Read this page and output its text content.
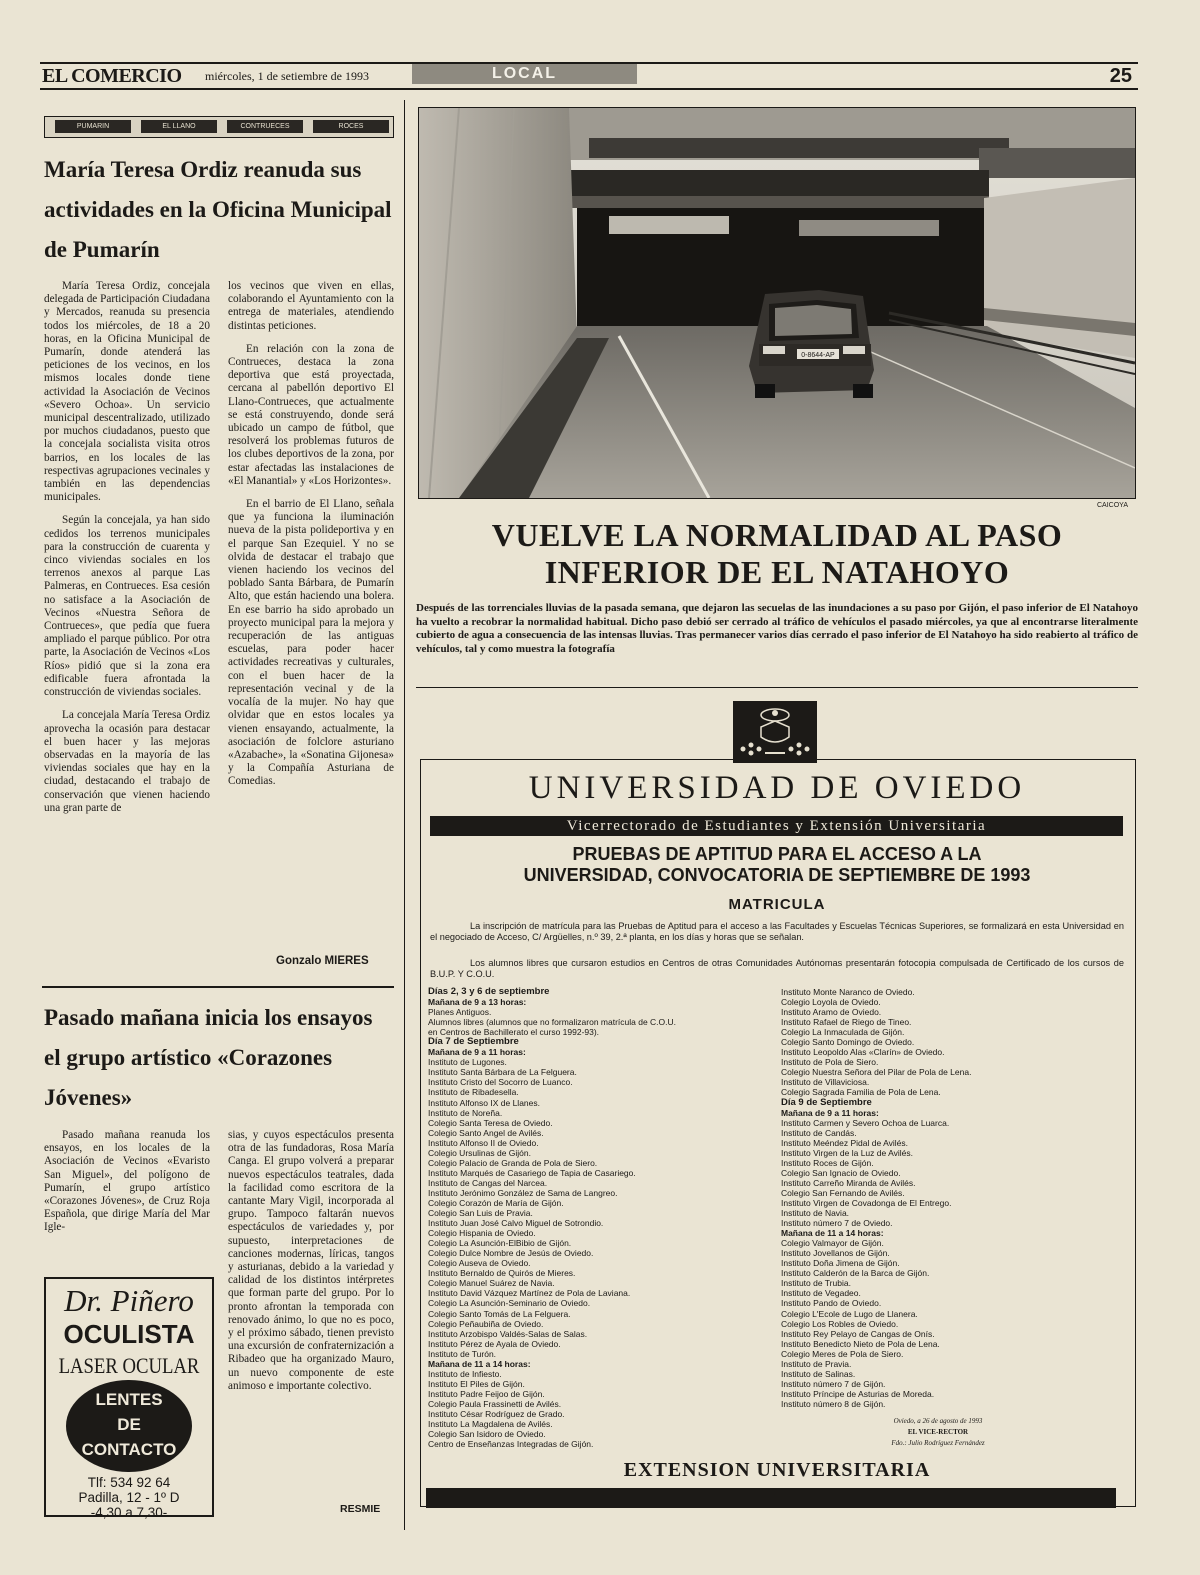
EL COMERCIO miércoles, 1 de setiembre de 1993	LOCAL	25
PUMARIN	EL LLANO	CONTRUECES	ROCES
María Teresa Ordiz reanuda sus actividades en la Oficina Municipal de Pumarín

María Teresa Ordiz, concejala delegada de Participación Ciudadana y Mercados, reanuda su presencia todos los miércoles, de 18 a 20 horas, en la Oficina Municipal de Pumarín, donde atenderá las peticiones de los vecinos, en los mismos locales donde tiene actividad la Asociación de Vecinos «Severo Ochoa». Un servicio municipal descentralizado, utilizado por muchos ciudadanos, puesto que la concejala socialista visita otros barrios, en los locales de las respectivas agrupaciones vecinales y también en las dependencias municipales.

Según la concejala, ya han sido cedidos los terrenos municipales para la construcción de cuarenta y cinco viviendas sociales en los terrenos anexos al parque Las Palmeras, en Contrueces. Esa cesión no satisface a la Asociación de Vecinos «Nuestra Señora de Contrueces», que pedía que fuera ampliado el parque público. Por otra parte, la Asociación de Vecinos «Los Ríos» pidió que si la zona era edificable fuera afrontada la construcción de viviendas sociales.

La concejala María Teresa Ordiz aprovecha la ocasión para destacar el buen hacer y las mejoras observadas en la mayoría de las viviendas sociales que hay en la ciudad, destacando el trabajo de conservación que vienen haciendo una gran parte de

los vecinos que viven en ellas, colaborando el Ayuntamiento con la entrega de materiales, atendiendo distintas peticiones.

En relación con la zona de Contrueces, destaca la zona deportiva que está proyectada, cercana al pabellón deportivo El Llano-Contrueces, que actualmente se está construyendo, donde será ubicado un campo de fútbol, que resolverá los problemas futuros de los clubes deportivos de la zona, por estar afectadas las instalaciones de «El Manantial» y «Los Horizontes».

En el barrio de El Llano, señala que ya funciona la iluminación nueva de la pista polideportiva y en el parque San Ezequiel. Y no se olvida de destacar el trabajo que vienen haciendo los vecinos del poblado Santa Bárbara, de Pumarín Alto, que están haciendo una bolera. En ese barrio ha sido aprobado un proyecto municipal para la mejora y recuperación de las antiguas escuelas, para poder hacer actividades recreativas y culturales, con el buen hacer de la representación vecinal y de la vocalía de la mujer. No hay que olvidar que en estos locales ya vienen ensayando, actualmente, la asociación de folclore asturiano «Azabache», la «Sonatina Gijonesa» y la Compañía Asturiana de Comedias.

Gonzalo MIERES
Pasado mañana inicia los ensayos el grupo artístico «Corazones Jóvenes»

Pasado mañana reanuda los ensayos, en los locales de la Asociación de Vecinos «Evaristo San Miguel», del polígono de Pumarín, el grupo artístico «Corazones Jóvenes», de Cruz Roja Española, que dirige María del Mar Igle-

sias, y cuyos espectáculos presenta otra de las fundadoras, Rosa María Canga. El grupo volverá a preparar nuevos espectáculos teatrales, dada la facilidad como escritora de la cantante Mary Vigil, incorporada al grupo. Tampoco faltarán nuevos espectáculos de variedades y, por supuesto, interpretaciones de canciones modernas, líricas, tangos y asturianas, debido a la variedad y calidad de los distintos intérpretes que forman parte del grupo. Por lo pronto afrontan la temporada con renovado ánimo, lo que no es poco, y el próximo sábado, tienen previsto una excursión de confraternización a Ribadeo que ha organizado Mauro, un nuevo componente de este animoso e importante colectivo.

RESMIE
Dr. Piñero
OCULISTA
LASER OCULAR
LENTES
DE
CONTACTO
Tlf: 534 92 64
Padilla, 12 - 1º D
-4,30 a 7,30-
0-8644-AP
CAICOYA
VUELVE LA NORMALIDAD AL PASO INFERIOR DE EL NATAHOYO
Después de las torrenciales lluvias de la pasada semana, que dejaron las secuelas de las inundaciones a su paso por Gijón, el paso inferior de El Natahoyo ha vuelto a recobrar la normalidad habitual. Dicho paso debió ser cerrado al tráfico de vehículos el pasado miércoles, ya que al encontrarse literalmente cubierto de agua a consecuencia de las intensas lluvias. Tras permanecer varios días cerrado el paso inferior de El Natahoyo ha sido reabierto al tráfico de vehículos, tal y como muestra la fotografía
UNIVERSIDAD DE OVIEDO
Vicerrectorado de Estudiantes y Extensión Universitaria
PRUEBAS DE APTITUD PARA EL ACCESO A LA
UNIVERSIDAD, CONVOCATORIA DE SEPTIEMBRE DE 1993
MATRICULA
La inscripción de matrícula para las Pruebas de Aptitud para el acceso a las Facultades y Escuelas Técnicas Superiores, se formalizará en esta Universidad en el negociado de Acceso, C/ Argüelles, n.º 39, 2.ª planta, en los días y horas que se señalan.
Los alumnos libres que cursaron estudios en Centros de otras Comunidades Autónomas presentarán fotocopia compulsada de Certificado de los cursos de B.U.P. Y C.O.U.
Días 2, 3 y 6 de septiembre
Mañana de 9 a 13 horas:
Planes Antiguos.
Alumnos libres (alumnos que no formalizaron matrícula de C.O.U.
en Centros de Bachillerato el curso 1992-93).
Día 7 de Septiembre
Mañana de 9 a 11 horas:
Instituto de Lugones.
Instituto Santa Bárbara de La Felguera.
Instituto Cristo del Socorro de Luanco.
Instituto de Ribadesella.
Instituto Alfonso IX de Llanes.
Instituto de Noreña.
Colegio Santa Teresa de Oviedo.
Colegio Santo Angel de Avilés.
Instituto Alfonso II de Oviedo.
Colegio Ursulinas de Gijón.
Colegio Palacio de Granda de Pola de Siero.
Instituto Marqués de Casariego de Tapia de Casariego.
Instituto de Cangas del Narcea.
Instituto Jerónimo González de Sama de Langreo.
Colegio Corazón de María de Gijón.
Colegio San Luis de Pravia.
Instituto Juan José Calvo Miguel de Sotrondio.
Colegio Hispania de Oviedo.
Colegio La Asunción-ElBibio de Gijón.
Colegio Dulce Nombre de Jesús de Oviedo.
Colegio Auseva de Oviedo.
Instituto Bernaldo de Quirós de Mieres.
Colegio Manuel Suárez de Navia.
Instituto David Vázquez Martínez de Pola de Laviana.
Colegio La Asunción-Seminario de Oviedo.
Colegio Santo Tomás de La Felguera.
Colegio Peñaubiña de Oviedo.
Instituto Arzobispo Valdés-Salas de Salas.
Instituto Pérez de Ayala de Oviedo.
Instituto de Turón.
Mañana de 11 a 14 horas:
Instituto de Infiesto.
Instituto El Piles de Gijón.
Instituto Padre Feijoo de Gijón.
Colegio Paula Frassinetti de Avilés.
Instituto César Rodríguez de Grado.
Instituto La Magdalena de Avilés.
Colegio San Isidoro de Oviedo.
Centro de Enseñanzas Integradas de Gijón.
Instituto Monte Naranco de Oviedo.
Colegio Loyola de Oviedo.
Instituto Aramo de Oviedo.
Instituto Rafael de Riego de Tineo.
Colegio La Inmaculada de Gijón.
Colegio Santo Domingo de Oviedo.
Instituto Leopoldo Alas «Clarín» de Oviedo.
Instituto de Pola de Siero.
Colegio Nuestra Señora del Pilar de Pola de Lena.
Instituto de Villaviciosa.
Colegio Sagrada Familia de Pola de Lena.
Día 9 de Septiembre
Mañana de 9 a 11 horas:
Instituto Carmen y Severo Ochoa de Luarca.
Instituto de Candás.
Instituto Meéndez Pidal de Avilés.
Instituto Virgen de la Luz de Avilés.
Instituto Roces de Gijón.
Colegio San Ignacio de Oviedo.
Instituto Carreño Miranda de Avilés.
Colegio San Fernando de Avilés.
Instituto Virgen de Covadonga de El Entrego.
Instituto de Navia.
Instituto número 7 de Oviedo.
Mañana de 11 a 14 horas:
Colegio Valmayor de Gijón.
Instituto Jovellanos de Gijón.
Instituto Doña Jimena de Gijón.
Instituto Calderón de la Barca de Gijón.
Instituto de Trubia.
Instituto de Vegadeo.
Instituto Pando de Oviedo.
Colegio L'Ecole de Lugo de Llanera.
Colegio Los Robles de Oviedo.
Instituto Rey Pelayo de Cangas de Onís.
Instituto Benedicto Nieto de Pola de Lena.
Colegio Meres de Pola de Siero.
Instituto de Pravia.
Instituto de Salinas.
Instituto número 7 de Gijón.
Instituto Príncipe de Asturias de Moreda.
Instituto número 8 de Gijón.
Oviedo, a 26 de agosto de 1993
EL VICE-RECTOR
Fdo.: Julio Rodríguez Fernández
EXTENSION UNIVERSITARIA
